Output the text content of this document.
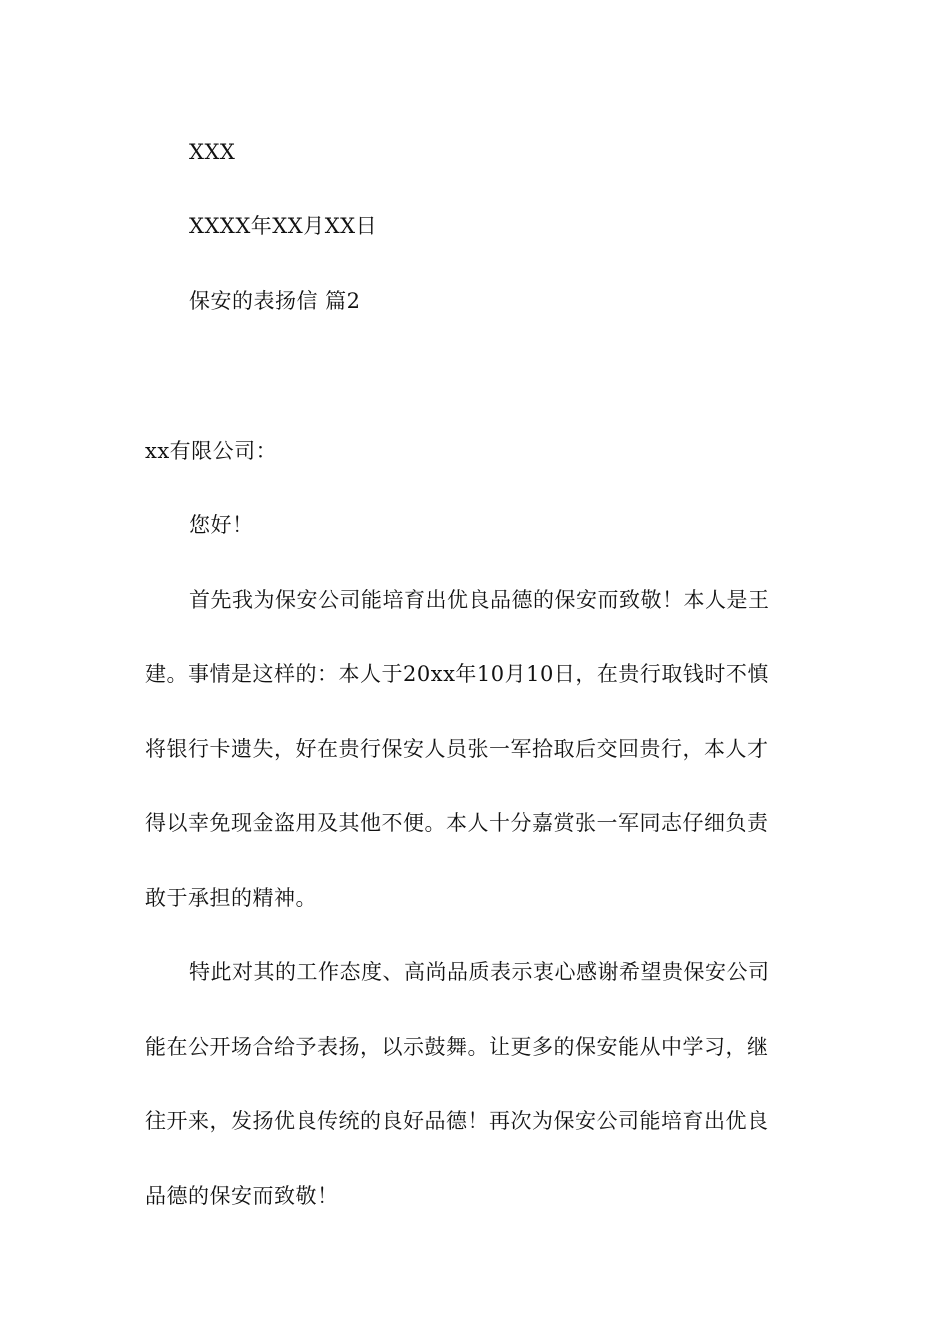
XXX
XXXX年XX月XX日
保安的表扬信 篇2
xx有限公司：
您好！
首先我为保安公司能培育出优良品德的保安而致敬！本人是王
建。事情是这样的：本人于20xx年10月10日，在贵行取钱时不慎
将银行卡遗失，好在贵行保安人员张一军拾取后交回贵行，本人才
得以幸免现金盗用及其他不便。本人十分嘉赏张一军同志仔细负责
敢于承担的精神。
特此对其的工作态度、高尚品质表示衷心感谢希望贵保安公司
能在公开场合给予表扬，以示鼓舞。让更多的保安能从中学习，继
往开来，发扬优良传统的良好品德！再次为保安公司能培育出优良
品德的保安而致敬！
